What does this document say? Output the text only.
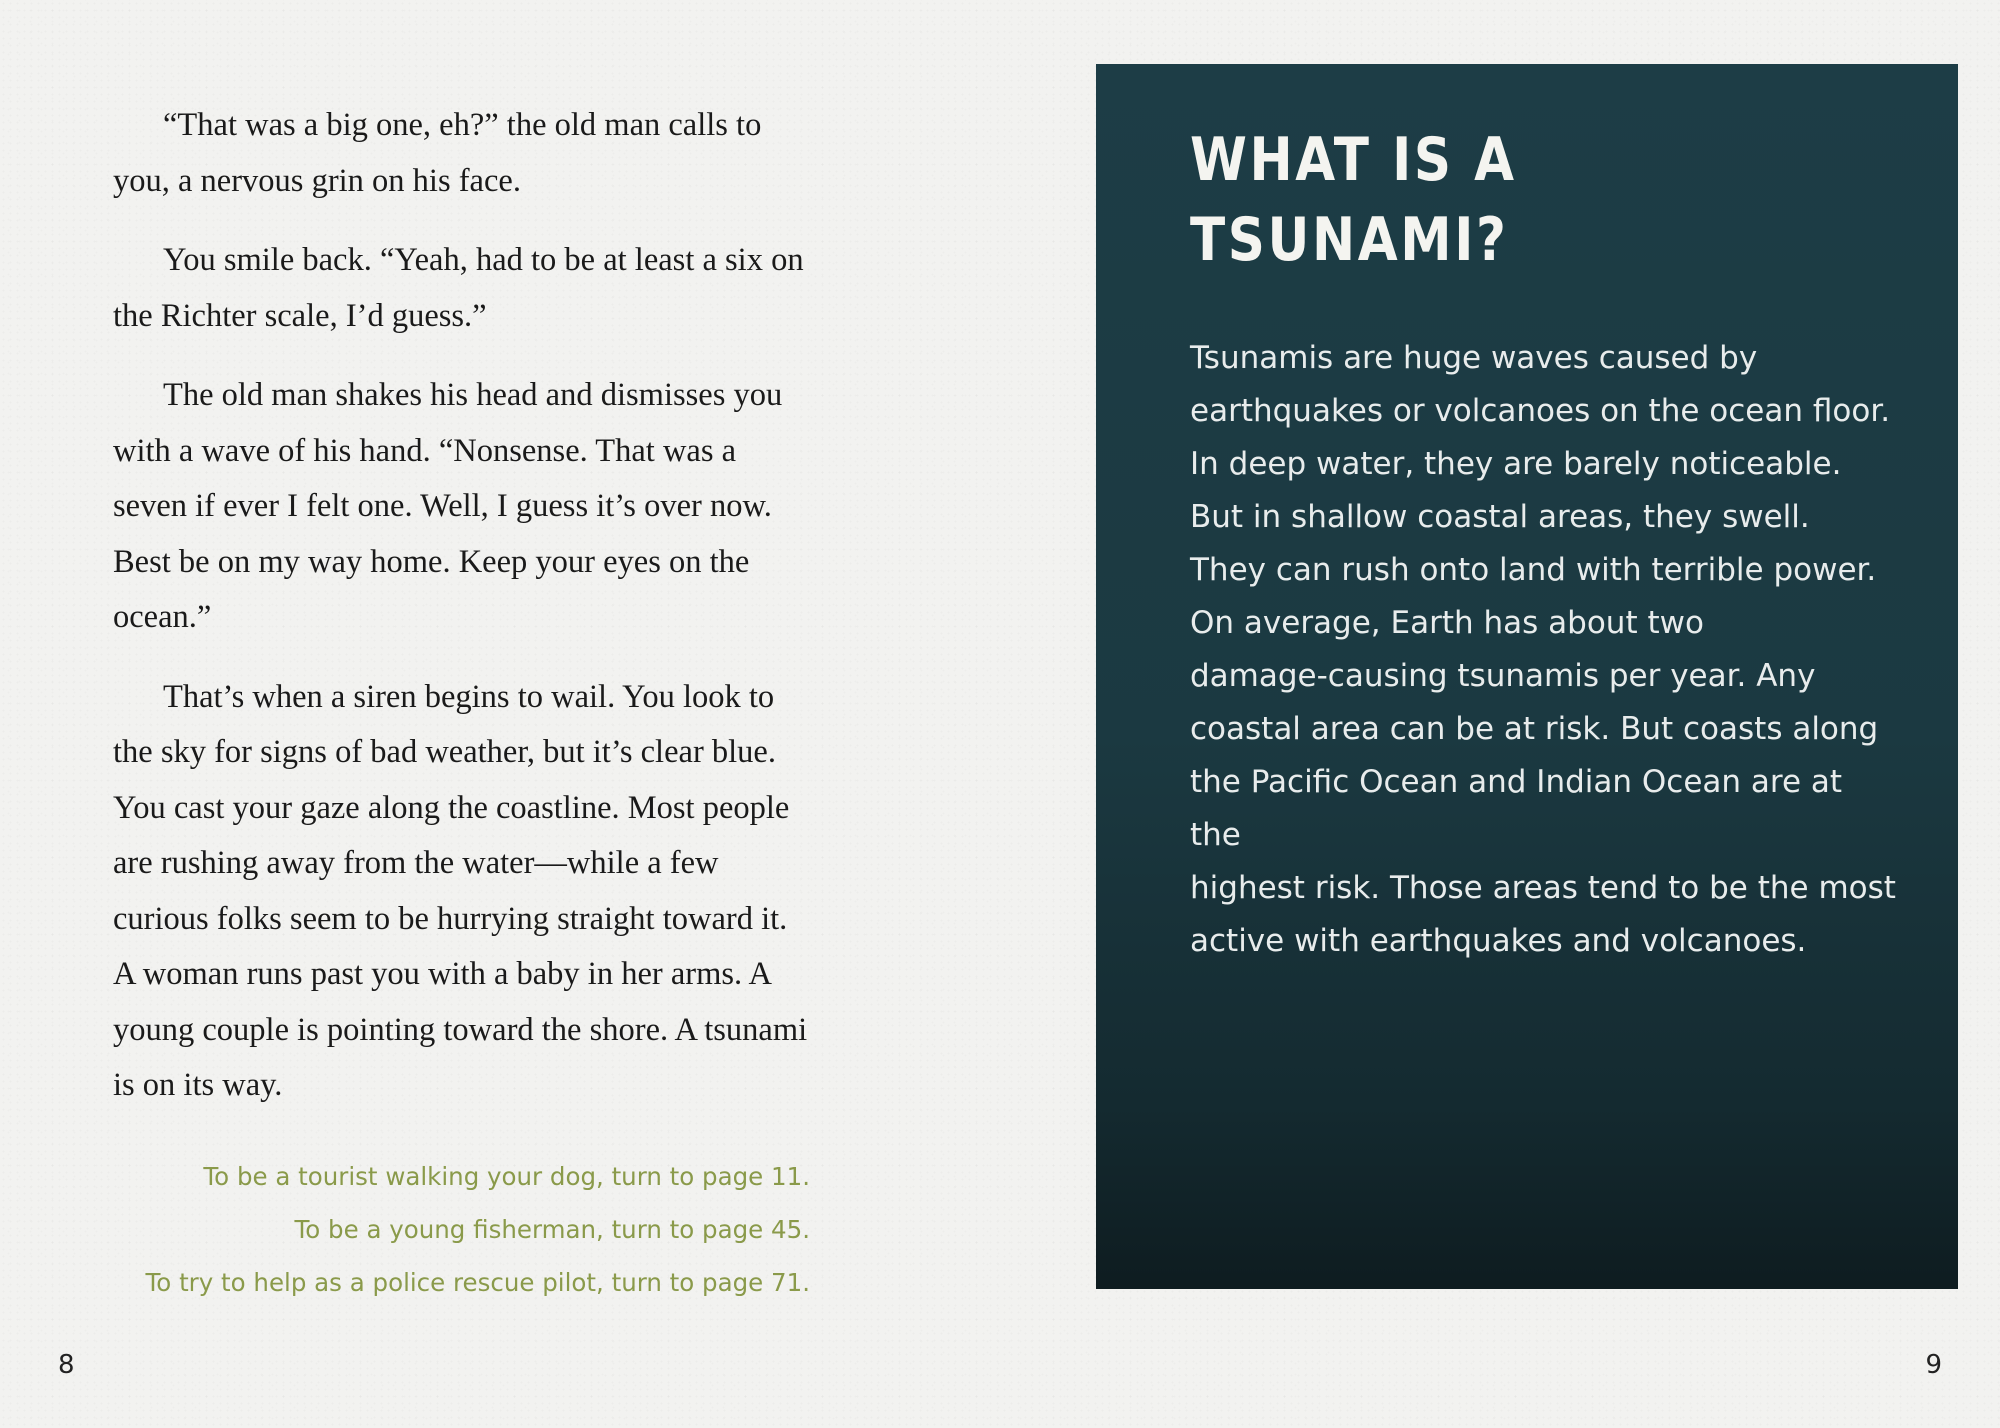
“That was a big one, eh?” the old man calls to you, a nervous grin on his face.

You smile back. “Yeah, had to be at least a six on the Richter scale, I’d guess.”

The old man shakes his head and dismisses you with a wave of his hand. “Nonsense. That was a seven if ever I felt one. Well, I guess it’s over now. Best be on my way home. Keep your eyes on the ocean.”

That’s when a siren begins to wail. You look to the sky for signs of bad weather, but it’s clear blue. You cast your gaze along the coastline. Most people are rushing away from the water—while a few curious folks seem to be hurrying straight toward it. A woman runs past you with a baby in her arms. A young couple is pointing toward the shore. A tsunami is on its way.

To be a tourist walking your dog, turn to page 11.
To be a young fisherman, turn to page 45.
To try to help as a police rescue pilot, turn to page 71.
8
WHAT IS A TSUNAMI?

Tsunamis are huge waves caused by
earthquakes or volcanoes on the ocean floor.
In deep water, they are barely noticeable.
But in shallow coastal areas, they swell.
They can rush onto land with terrible power.
On average, Earth has about two
damage-causing tsunamis per year. Any
coastal area can be at risk. But coasts along
the Pacific Ocean and Indian Ocean are at the
highest risk. Those areas tend to be the most
active with earthquakes and volcanoes.

9
